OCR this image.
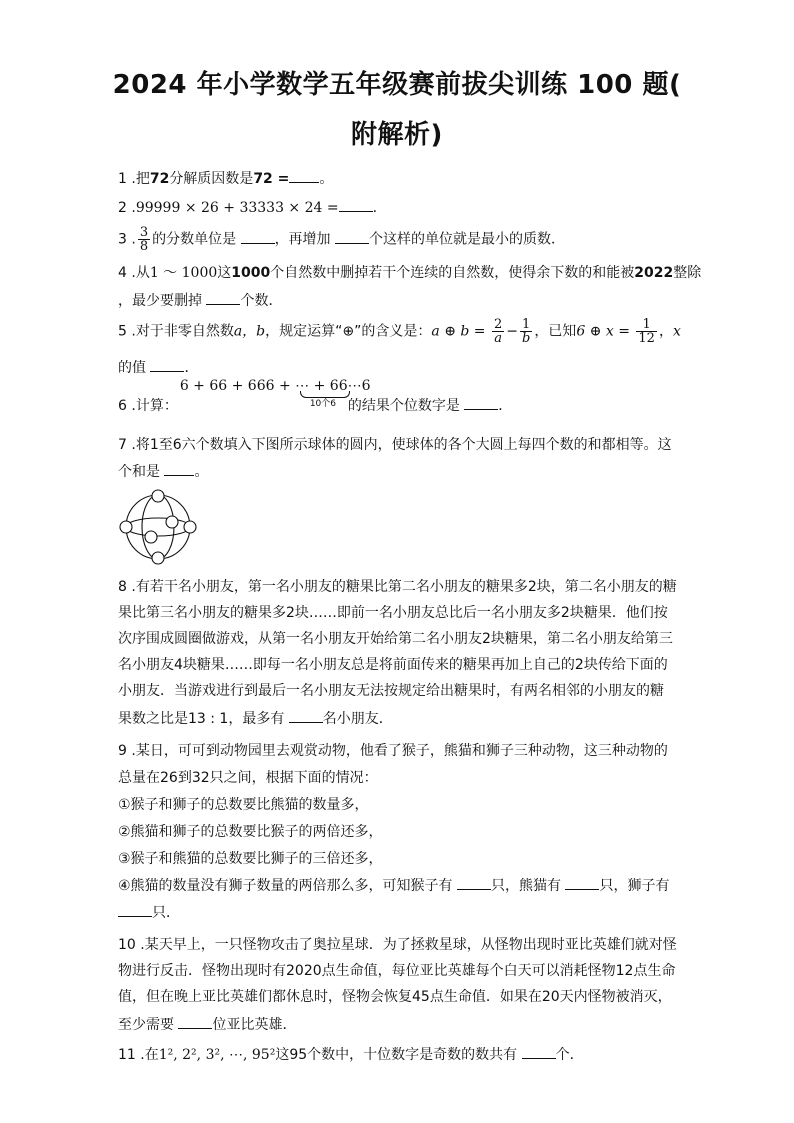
2024 年小学数学五年级赛前拔尖训练 100 题(
附解析)
1 .把72分解质因数是72 = 。
2 .99999 × 26 + 33333 × 24 = .
3 . $\frac{3}{8}$ 的分数单位是	，再增加	个这样的单位就是最小的质数．
4 .从1 ～ 1000这1000个自然数中删掉若干个连续的自然数，使得余下数的和能被2022整除
，最少要删掉	个数．
5 .对于非零自然数a，b，规定运算“⊕”的含义是：a ⊕ $b = \frac{2}{a} - \frac{1}{b}$ ，已知6 ⊕ $x = \frac{1}{12}$ ，x
的值	．
6 .计算：
6 + 66 + 666 + ⋯ + 66⋯6
10个6 的结果个位数字是	．
7 .将1至6六个数填入下图所示球体的圆内，使球体的各个大圆上每四个数的和都相等。这
个和是 。
8 .有若干名小朋友，第一名小朋友的糖果比第二名小朋友的糖果多2块，第二名小朋友的糖
果比第三名小朋友的糖果多2块……即前一名小朋友总比后一名小朋友多2块糖果．他们按
次序围成圆圈做游戏，从第一名小朋友开始给第二名小朋友2块糖果，第二名小朋友给第三
名小朋友4块糖果……即每一名小朋友总是将前面传来的糖果再加上自己的2块传给下面的
小朋友．当游戏进行到最后一名小朋友无法按规定给出糖果时，有两名相邻的小朋友的糖
果数之比是13 : 1，最多有	名小朋友．
9 .某日，可可到动物园里去观赏动物，他看了猴子，熊猫和狮子三种动物，这三种动物的
总量在26到32只之间，根据下面的情况：
①猴子和狮子的总数要比熊猫的数量多，
②熊猫和狮子的总数要比猴子的两倍还多，
③猴子和熊猫的总数要比狮子的三倍还多，
④熊猫的数量没有狮子数量的两倍那么多，可知猴子有	只，熊猫有	只，狮子有
只．
10 .某天早上，一只怪物攻击了奥拉星球．为了拯救星球，从怪物出现时亚比英雄们就对怪
物进行反击．怪物出现时有2020点生命值，每位亚比英雄每个白天可以消耗怪物12点生命
值，但在晚上亚比英雄们都休息时，怪物会恢复45点生命值．如果在20天内怪物被消灭，
至少需要	位亚比英雄．
11 .在1², 2², 3², ⋯, 95²这95个数中，十位数字是奇数的数共有	个．
